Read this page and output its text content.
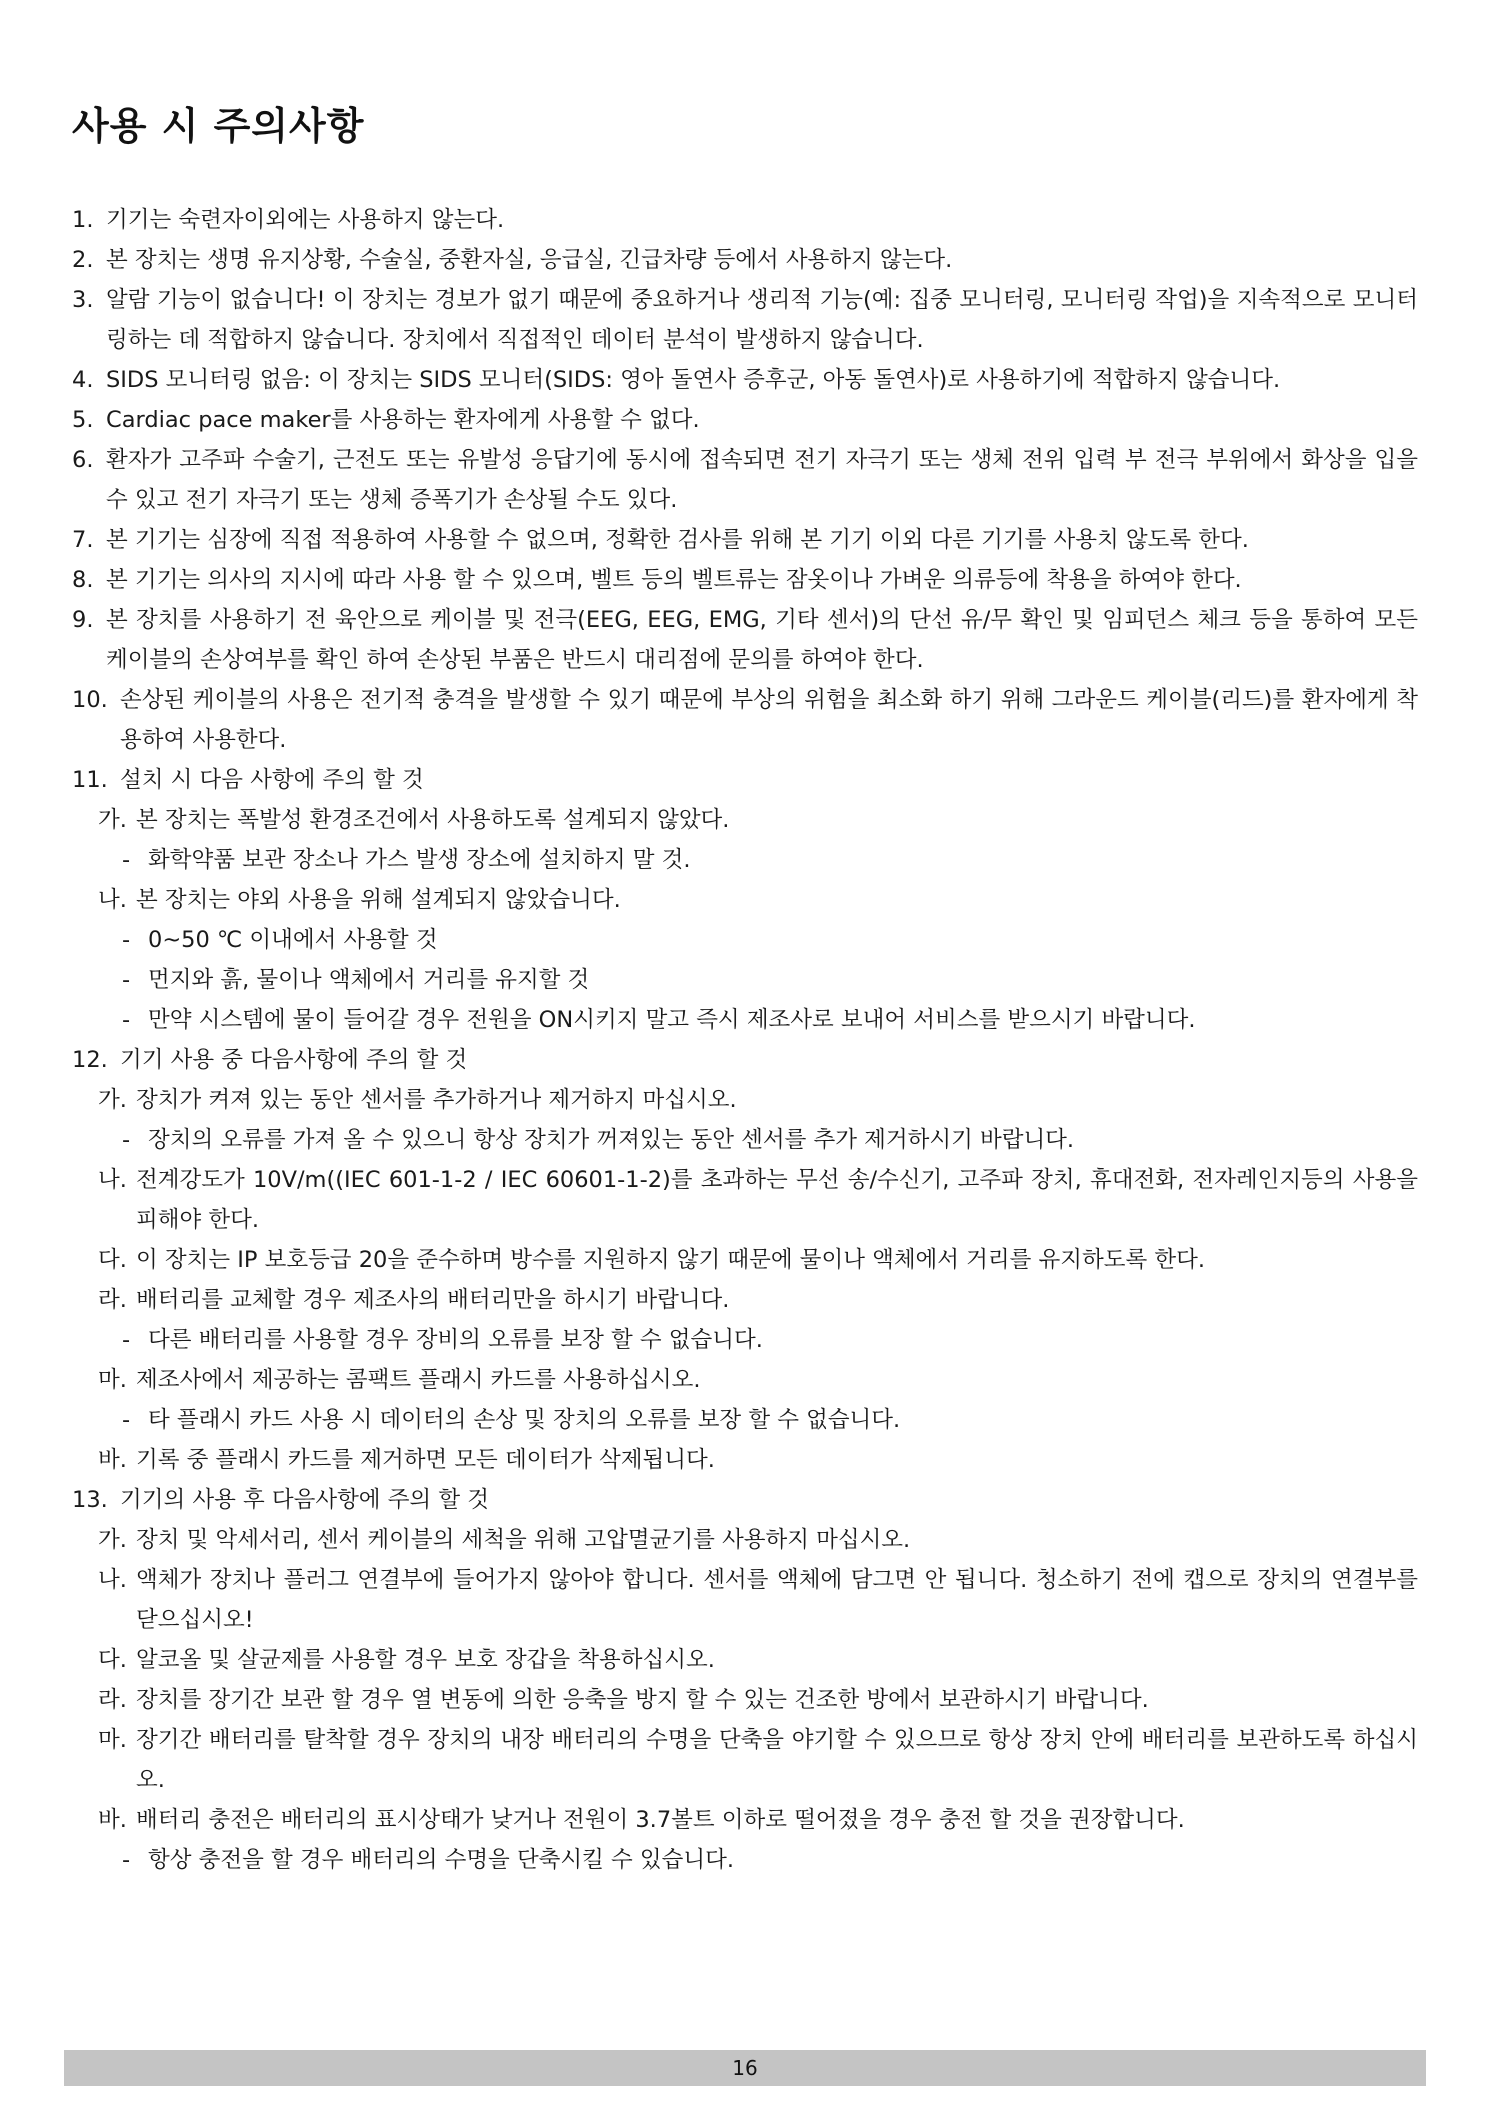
사용 시 주의사항
1. 기기는 숙련자이외에는 사용하지 않는다.
2. 본 장치는 생명 유지상황, 수술실, 중환자실, 응급실, 긴급차량 등에서 사용하지 않는다.
3. 알람 기능이 없습니다! 이 장치는 경보가 없기 때문에 중요하거나 생리적 기능(예: 집중 모니터링, 모니터링 작업)을 지속적으로 모니터링하는 데 적합하지 않습니다. 장치에서 직접적인 데이터 분석이 발생하지 않습니다.
4. SIDS 모니터링 없음: 이 장치는 SIDS 모니터(SIDS: 영아 돌연사 증후군, 아동 돌연사)로 사용하기에 적합하지 않습니다.
5. Cardiac pace maker를 사용하는 환자에게 사용할 수 없다.
6. 환자가 고주파 수술기, 근전도 또는 유발성 응답기에 동시에 접속되면 전기 자극기 또는 생체 전위 입력 부 전극 부위에서 화상을 입을 수 있고 전기 자극기 또는 생체 증폭기가 손상될 수도 있다.
7. 본 기기는 심장에 직접 적용하여 사용할 수 없으며, 정확한 검사를 위해 본 기기 이외 다른 기기를 사용치 않도록 한다.
8. 본 기기는 의사의 지시에 따라 사용 할 수 있으며, 벨트 등의 벨트류는 잠옷이나 가벼운 의류등에 착용을 하여야 한다.
9. 본 장치를 사용하기 전 육안으로 케이블 및 전극(EEG, EEG, EMG, 기타 센서)의 단선 유/무 확인 및 임피던스 체크 등을 통하여 모든 케이블의 손상여부를 확인 하여 손상된 부품은 반드시 대리점에 문의를 하여야 한다.
10. 손상된 케이블의 사용은 전기적 충격을 발생할 수 있기 때문에 부상의 위험을 최소화 하기 위해 그라운드 케이블(리드)를 환자에게 착용하여 사용한다.
11. 설치 시 다음 사항에 주의 할 것
가. 본 장치는 폭발성 환경조건에서 사용하도록 설계되지 않았다.
- 화학약품 보관 장소나 가스 발생 장소에 설치하지 말 것.
나. 본 장치는 야외 사용을 위해 설계되지 않았습니다.
- 0~50 ℃ 이내에서 사용할 것
- 먼지와 흙, 물이나 액체에서 거리를 유지할 것
- 만약 시스템에 물이 들어갈 경우 전원을 ON시키지 말고 즉시 제조사로 보내어 서비스를 받으시기 바랍니다.
12. 기기 사용 중 다음사항에 주의 할 것
가. 장치가 켜져 있는 동안 센서를 추가하거나 제거하지 마십시오.
- 장치의 오류를 가져 올 수 있으니 항상 장치가 꺼져있는 동안 센서를 추가 제거하시기 바랍니다.
나. 전계강도가 10V/m((IEC 601-1-2 / IEC 60601-1-2)를 초과하는 무선 송/수신기, 고주파 장치, 휴대전화, 전자레인지등의 사용을 피해야 한다.
다. 이 장치는 IP 보호등급 20을 준수하며 방수를 지원하지 않기 때문에 물이나 액체에서 거리를 유지하도록 한다.
라. 배터리를 교체할 경우 제조사의 배터리만을 하시기 바랍니다.
- 다른 배터리를 사용할 경우 장비의 오류를 보장 할 수 없습니다.
마. 제조사에서 제공하는 콤팩트 플래시 카드를 사용하십시오.
- 타 플래시 카드 사용 시 데이터의 손상 및 장치의 오류를 보장 할 수 없습니다.
바. 기록 중 플래시 카드를 제거하면 모든 데이터가 삭제됩니다.
13. 기기의 사용 후 다음사항에 주의 할 것
가. 장치 및 악세서리, 센서 케이블의 세척을 위해 고압멸균기를 사용하지 마십시오.
나. 액체가 장치나 플러그 연결부에 들어가지 않아야 합니다. 센서를 액체에 담그면 안 됩니다. 청소하기 전에 캡으로 장치의 연결부를 닫으십시오!
다. 알코올 및 살균제를 사용할 경우 보호 장갑을 착용하십시오.
라. 장치를 장기간 보관 할 경우 열 변동에 의한 응축을 방지 할 수 있는 건조한 방에서 보관하시기 바랍니다.
마. 장기간 배터리를 탈착할 경우 장치의 내장 배터리의 수명을 단축을 야기할 수 있으므로 항상 장치 안에 배터리를 보관하도록 하십시오.
바. 배터리 충전은 배터리의 표시상태가 낮거나 전원이 3.7볼트 이하로 떨어졌을 경우 충전 할 것을 권장합니다.
- 항상 충전을 할 경우 배터리의 수명을 단축시킬 수 있습니다.
16
